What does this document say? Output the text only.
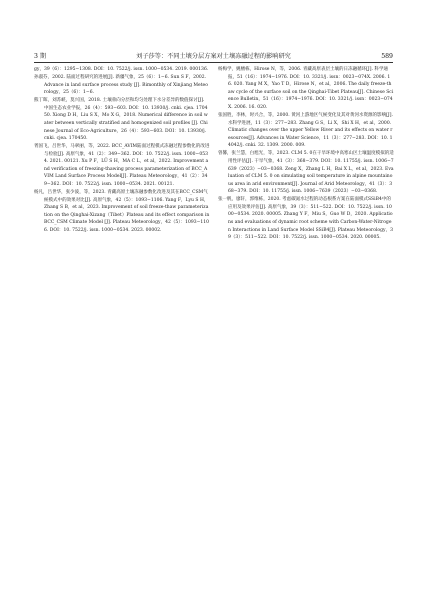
3 期	刘子莎等：不同土壤分层方案对土壤冻融过程的影响研究	589

gy，39（6）：1295−1308. DOI：10. 7522/j. issn. 1000−0534. 2019. 000136.

孙淑芬，2002. 陆面过程研究的进展[J]. 新疆气象，25（6）：1−6. Sun S F，2002. Advance in land surface process study [J]. Bimonthly of Xinjiang Meteorology，25（6）：1−6.

熊丁晖，刘苏峡，莫兴国，2018. 土壤垂向分层和均匀处理下水分差异的数值探讨[J]. 中国生态农业学报，26（4）：593−603. DOI：10. 13930/j. cnki. cjea. 170450. Xiong D H，Liu S X，Mo X G，2018. Numerical difference in soil water between vertically stratified and homogenized soil profiles [J]. Chinese Journal of Eco-Agriculture，26（4）：593−603. DOI：10. 13930/j. cnki. cjea. 170450.

胥国飞，吕世华，马翠丽，等，2022. BCC_AVIM陆面过程模式冻融过程参数化的改进与检验[J]. 高原气象，41（2）：349−362. DOI：10. 7522/j. issn. 1000−0534. 2021. 00121. Xu P F，LÜ S H，MA C L，et al，2022. Improvement and verification of freezing-thawing process parameterization of BCC_AVIM Land Surface Process Model[J]. Plateau Meteorology，41（2）：349−362. DOI：10. 7522/j. issn. 1000−0534. 2021. 00121.

杨凡，吕世华，张少波，等，2023. 青藏高原土壤冻融参数化改进及其在BCC_CSM气候模式中的效果对比[J]. 高原气象，42（5）：1093−1106. Yang F，Lyu S H，Zhang S B，et al，2023. Improvement of soil freeze-thaw parameterization on the Qinghai-Xizang（Tibet）Plateau and its effect comparison in BCC_CSM Climate Model [J]. Plateau Meteorology，42（5）：1093−1106. DOI：10. 7522/j. issn. 1000−0534. 2023. 00002.

杨梅学，姚檀栋，Hirose N，等，2006. 青藏高原表层土壤的日冻融循环[J]. 科学通报，51（16）：1974−1976. DOI：10. 3321/j. issn：0023−074X. 2006. 16. 020. Yang M X，Yao T D，Hirose N，et al，2006. The daily freeze-thaw cycle of the surface soil on the Qinghai-Tibet Plateau[J]. Chinese Science Bulletin，51（16）：1974−1976. DOI：10. 3321/j. issn：0023−074X. 2006. 16. 020.

张国胜，李林，时兴合，等，2000. 黄河上游地区气候变化及其对黄河水资源的影响[J]. 水科学进展，11（3）：277−283. Zhang G S，Li X，Shi X H，et al，2000. Climatic changes over the upper Yellow River and its effects on water resources[J]. Advances in Water Science，11（3）：277−283. DOI：10. 14042/j. cnki. 32. 1309. 2000. 009.

曾馨，张兰慧，白旭光，等，2023. CLM 5. 0在干旱环境中高寒山区土壤温度模拟的适用性评估[J]. 干旱气象，41（3）：368−379. DOI：10. 11755/j. issn. 1006−7639（2023）−03−0368. Zeng X，Zhang L H，Bai X L，et al，2023. Evaluation of CLM 5. 0 on simulating soil temperature in alpine mountainous area in arid environment[J]. Journal of Arid Meteorology，41（3）：368−379. DOI：10. 11755/j. issn. 1006−7639（2023）−03−0368.

张一帆，廖轩，郭维栋，2020. 考虑碳氮水过程的动态根系方案在陆面模式SSiB4中的应用及效果评估[J]. 高原气象，39（3）：511−522. DOI：10. 7522/j. issn. 1000−0534. 2020. 00005. Zhang Y F，Miu S，Guo W D，2020. Applications and evaluations of dynamic root scheme with Carbon-Water-Nitrogen Interactions in Land Surface Model SSiB4[J]. Plateau Meteorology，39（3）：511−522. DOI：10. 7522/j. issn. 1000−0534. 2020. 00005.
